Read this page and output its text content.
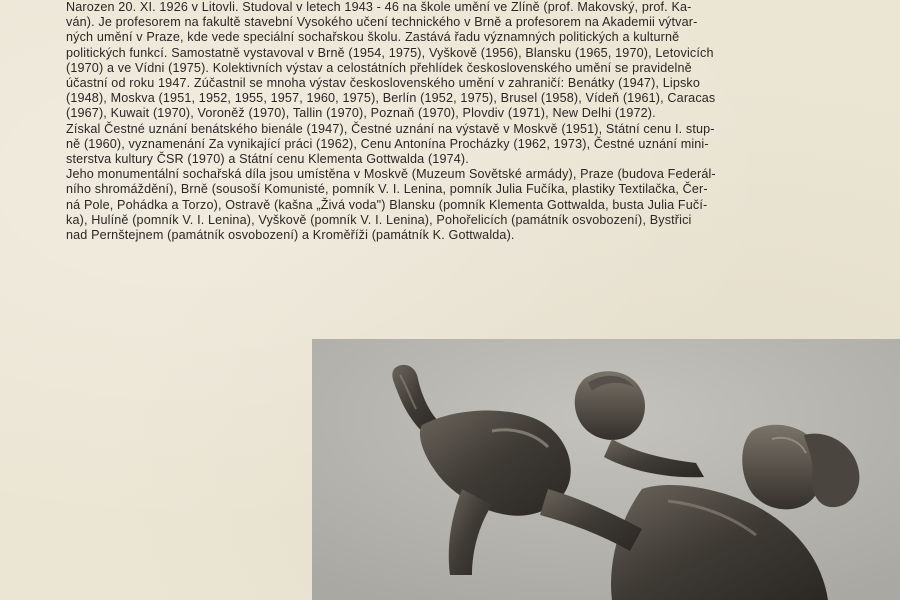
Narozen 20. XI. 1926 v Litovli. Studoval v letech 1943 - 46 na škole umění ve Zlíně (prof. Makovský, prof. Ka-
ván). Je profesorem na fakultě stavební Vysokého učení technického v Brně a profesorem na Akademii výtvar-
ných umění v Praze, kde vede speciální sochařskou školu. Zastává řadu významných politických a kulturně
politických funkcí. Samostatně vystavoval v Brně (1954, 1975), Vyškově (1956), Blansku (1965, 1970), Letovicích
(1970) a ve Vídni (1975). Kolektivních výstav a celostátních přehlídek československého umění se pravidelně
účastní od roku 1947. Zúčastnil se mnoha výstav československého umění v zahraničí: Benátky (1947), Lipsko
(1948), Moskva (1951, 1952, 1955, 1957, 1960, 1975), Berlín (1952, 1975), Brusel (1958), Vídeň (1961), Caracas
(1967), Kuwait (1970), Voroněž (1970), Tallin (1970), Poznaň (1970), Plovdiv (1971), New Delhi (1972).

Získal Čestné uznání benátského bienále (1947), Čestné uznání na výstavě v Moskvě (1951), Státní cenu I. stup-
ně (1960), vyznamenání Za vynikající práci (1962), Cenu Antonína Procházky (1962, 1973), Čestné uznání mini-
sterstva kultury ČSR (1970) a Státní cenu Klementa Gottwalda (1974).

Jeho monumentální sochařská díla jsou umístěna v Moskvě (Muzeum Sovětské armády), Praze (budova Federál-
ního shromáždění), Brně (sousoší Komunisté, pomník V. I. Lenina, pomník Julia Fučíka, plastiky Textilačka, Čer-
ná Pole, Pohádka a Torzo), Ostravě (kašna „Živá voda") Blansku (pomník Klementa Gottwalda, busta Julia Fučí-
ka), Hulíně (pomník V. I. Lenina), Vyškově (pomník V. I. Lenina), Pohořelicích (památník osvobození), Bystřici
nad Pernštejnem (památník osvobození) a Kroměříži (památník K. Gottwalda).
